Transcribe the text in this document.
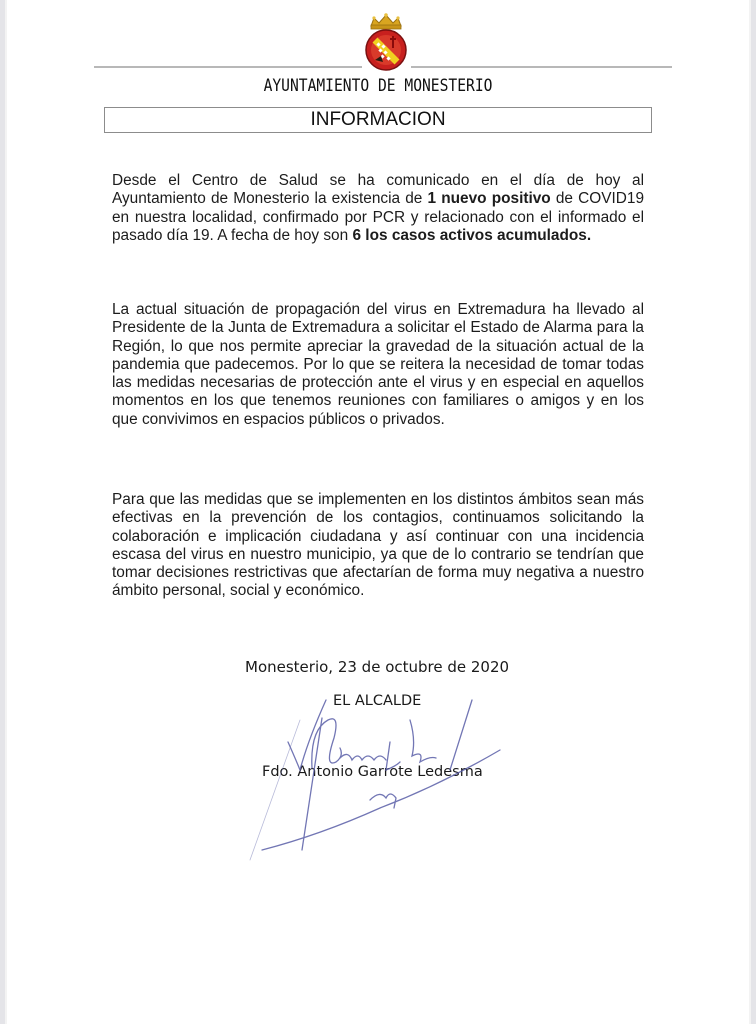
AYUNTAMIENTO DE MONESTERIO
INFORMACION
Desde el Centro de Salud se ha comunicado en el día de hoy al Ayuntamiento de Monesterio la existencia de 1 nuevo positivo de COVID19 en nuestra localidad, confirmado por PCR y relacionado con el informado el pasado día 19. A fecha de hoy son 6 los casos activos acumulados.
La actual situación de propagación del virus en Extremadura ha llevado al Presidente de la Junta de Extremadura a solicitar el Estado de Alarma para la Región, lo que nos permite apreciar la gravedad de la situación actual de la pandemia que padecemos. Por lo que se reitera la necesidad de tomar todas las medidas necesarias de protección ante el virus y en especial en aquellos momentos en los que tenemos reuniones con familiares o amigos y en los que convivimos en espacios públicos o privados.
Para que las medidas que se implementen en los distintos ámbitos sean más efectivas en la prevención de los contagios, continuamos solicitando la colaboración e implicación ciudadana y así continuar con una incidencia escasa del virus en nuestro municipio, ya que de lo contrario se tendrían que tomar decisiones restrictivas que afectarían de forma muy negativa a nuestro ámbito personal, social y económico.
Monesterio, 23 de octubre de 2020
EL ALCALDE
Fdo. Antonio Garrote Ledesma
